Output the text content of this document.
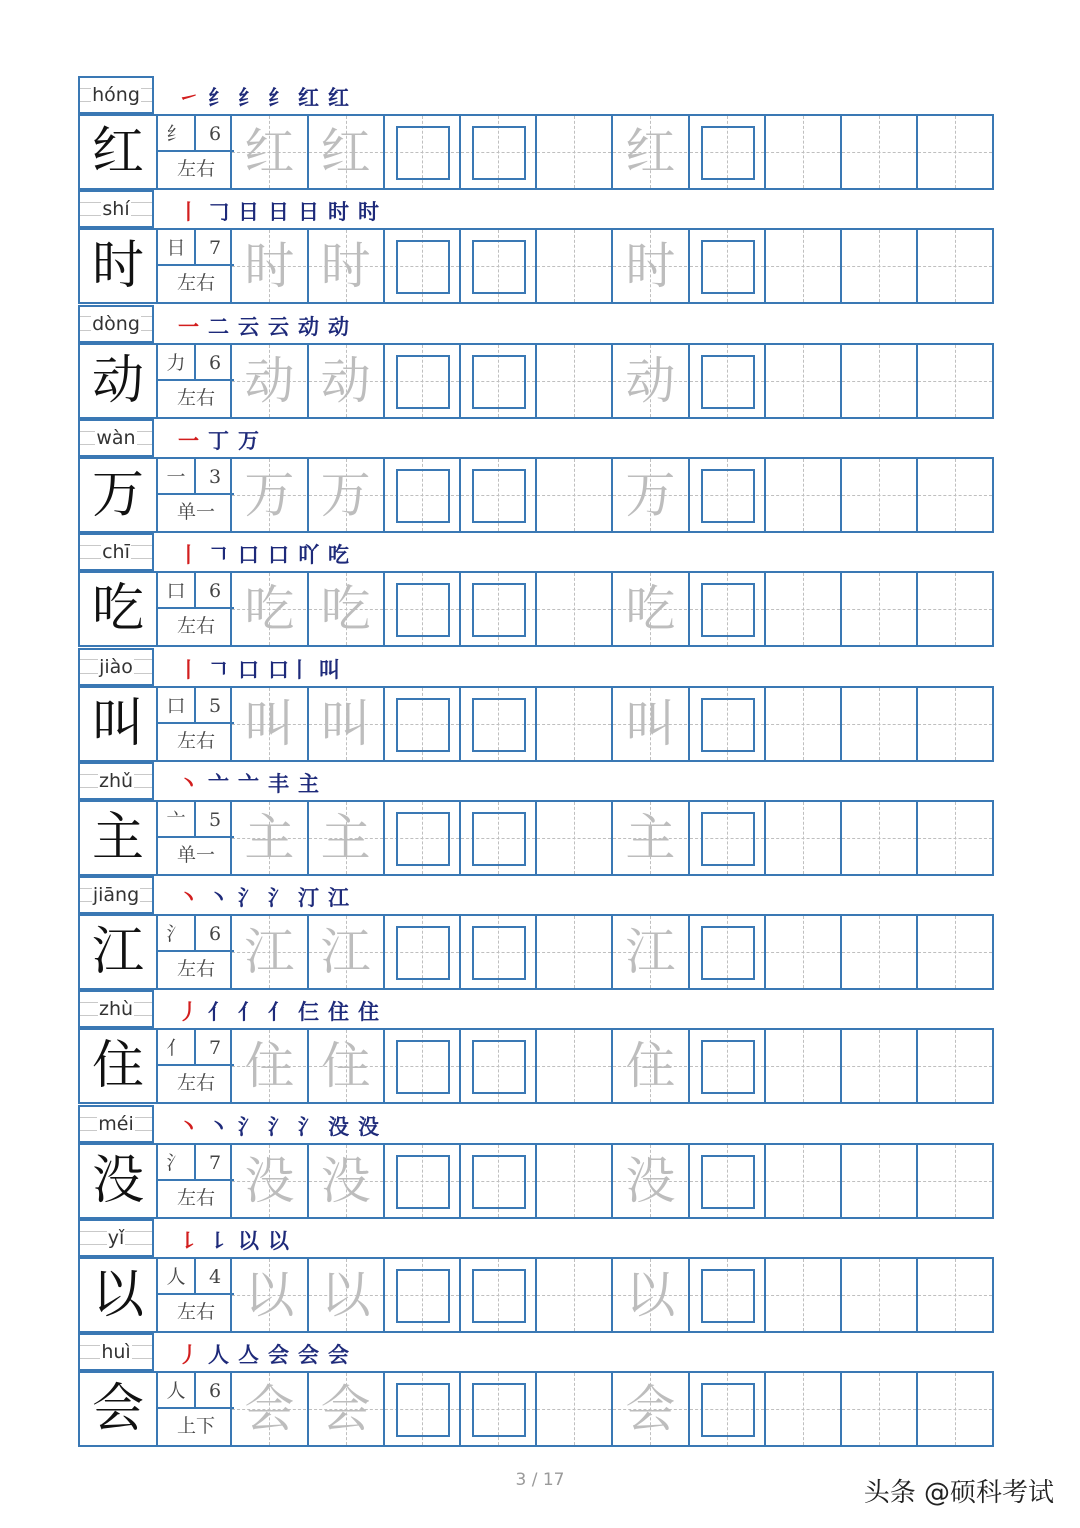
hóng	㇀ 纟 纟 纟 红 红
红	纟	6
左右 红 红	红
shí	丨 𠃌 日 日 日 时 时
时	日	7
左右 时 时	时
dòng	一 二 云 云 动 动
动	力	6
左右 动 动	动
wàn	一 丁 万
万	一	3
单一 万 万	万
chī	丨 𠃍 口 口 吖 吃
吃	口	6
左右 吃 吃	吃
jiào	丨 𠃍 口 口丨 叫
叫	口	5
左右 叫 叫	叫
zhǔ	丶 亠 亠 丰 主
主	亠	5
单一 主 主	主
jiāng	丶 丶 氵 氵 汀 江
江	氵	6
左右 江 江	江
zhù	丿 亻 亻 亻 仨 住 住
住	亻	7
左右 住 住	住
méi	丶 丶 氵 氵 氵 没 没
没	氵	7
左右 没 没	没
yǐ	㇙ ㇙ 以 以
以	人	4
左右 以 以	以
huì	丿 人 亼 会 会 会
会	人	6
上下 会 会	会
3 / 17	头条 @硕科考试
